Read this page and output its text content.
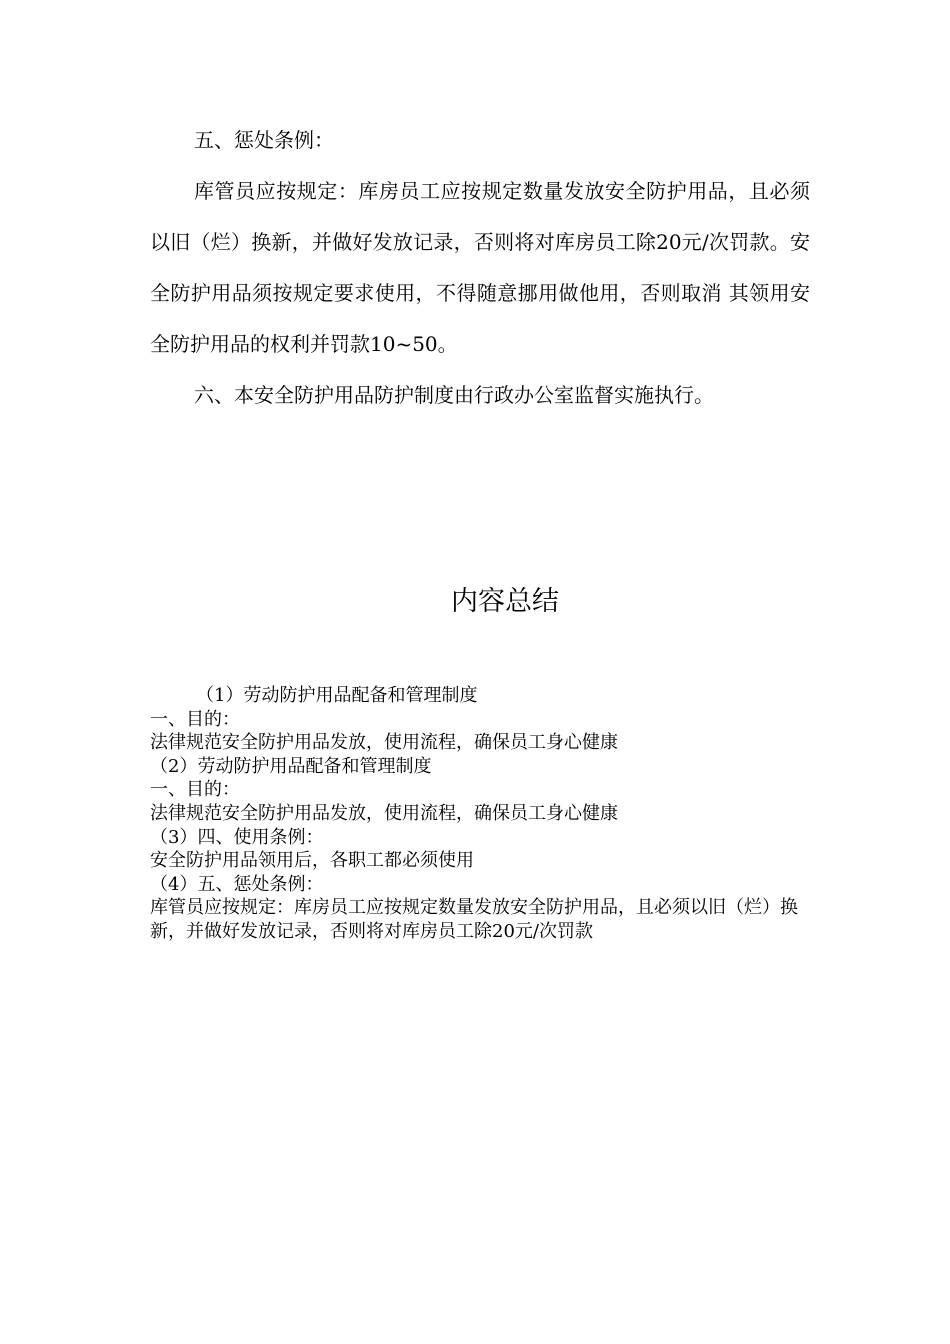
五、惩处条例：

库管员应按规定：库房员工应按规定数量发放安全防护用品，且必须以旧（烂）换新，并做好发放记录，否则将对库房员工除20元/次罚款。安全防护用品须按规定要求使用，不得随意挪用做他用，否则取消 其领用安全防护用品的权利并罚款10~50。

六、本安全防护用品防护制度由行政办公室监督实施执行。

内容总结

（1）劳动防护用品配备和管理制度

一、目的：

法律规范安全防护用品发放，使用流程，确保员工身心健康

（2）劳动防护用品配备和管理制度

一、目的：

法律规范安全防护用品发放，使用流程，确保员工身心健康

（3）四、使用条例：

安全防护用品领用后，各职工都必须使用

（4）五、惩处条例：

库管员应按规定：库房员工应按规定数量发放安全防护用品，且必须以旧（烂）换新，并做好发放记录，否则将对库房员工除20元/次罚款
